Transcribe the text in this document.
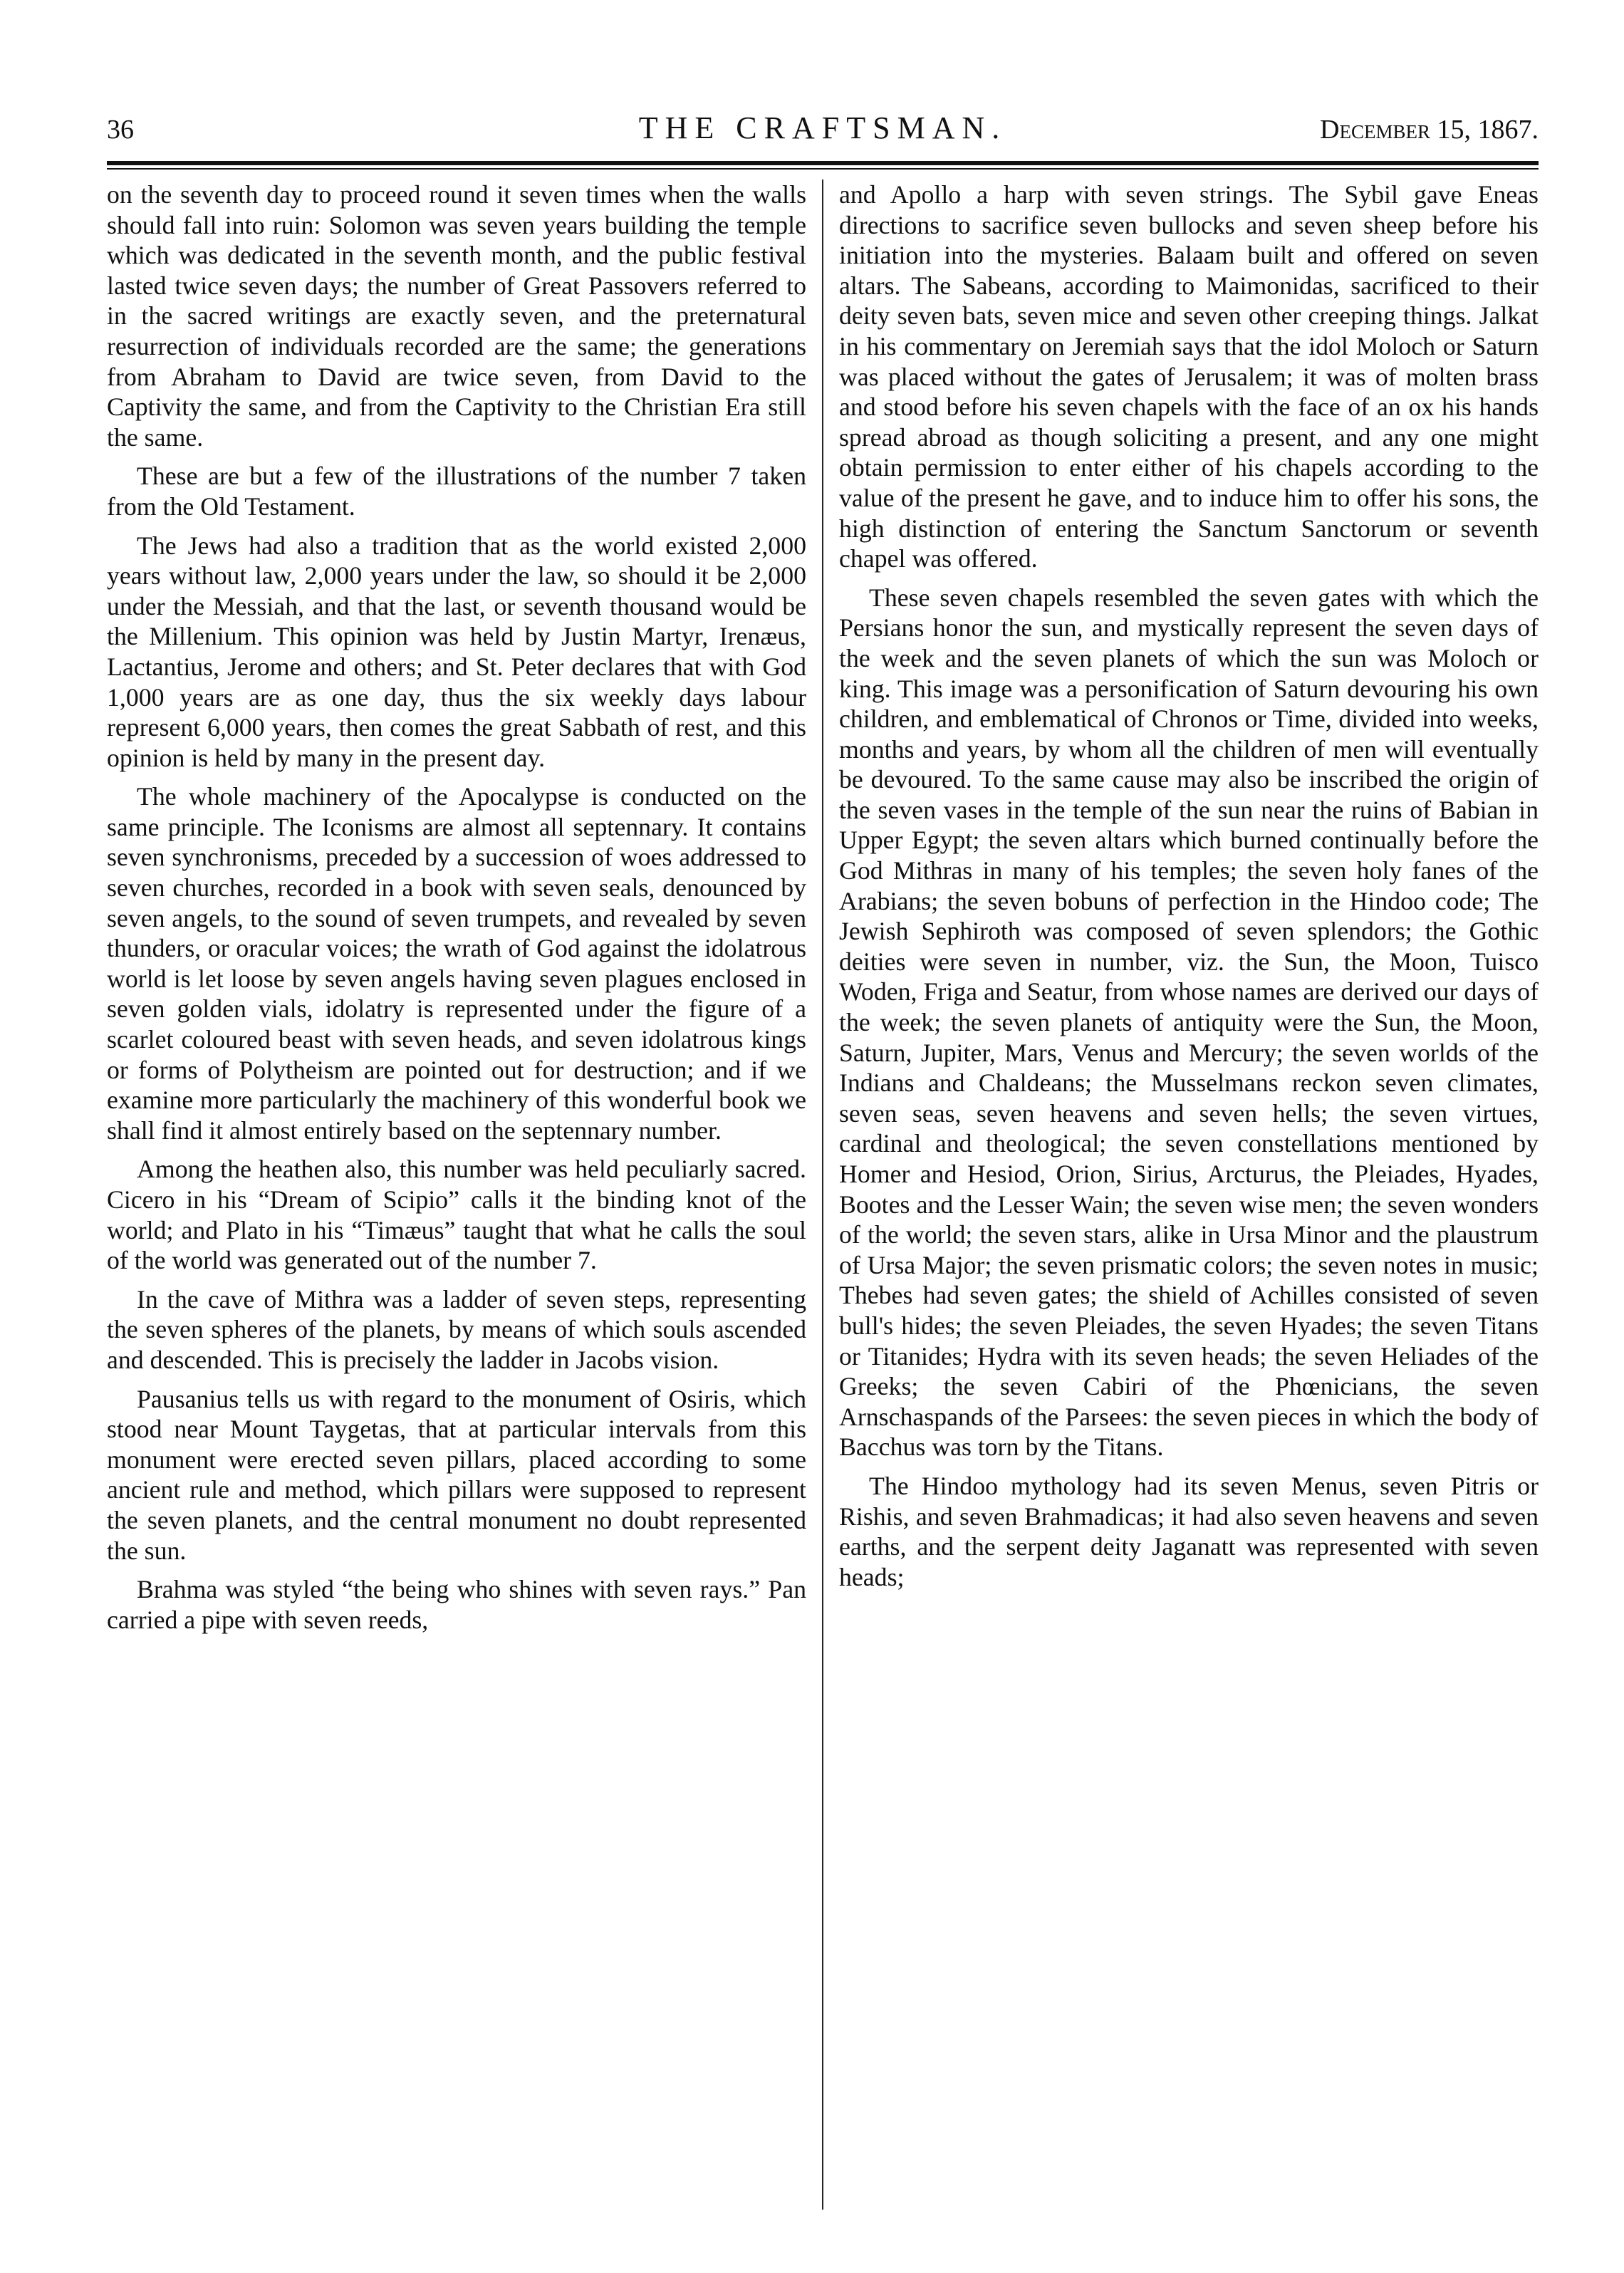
36	THE CRAFTSMAN.	December 15, 1867.

on the seventh day to proceed round it seven times when the walls should fall into ruin: Solomon was seven years building the temple which was dedicated in the seventh month, and the public festival lasted twice seven days; the number of Great Passovers referred to in the sacred writings are exactly seven, and the preternatural resurrection of individuals recorded are the same; the generations from Abraham to David are twice seven, from David to the Captivity the same, and from the Captivity to the Christian Era still the same.

These are but a few of the illustrations of the number 7 taken from the Old Testament.

The Jews had also a tradition that as the world existed 2,000 years without law, 2,000 years under the law, so should it be 2,000 under the Messiah, and that the last, or seventh thousand would be the Millenium. This opinion was held by Justin Martyr, Irenæus, Lactantius, Jerome and others; and St. Peter declares that with God 1,000 years are as one day, thus the six weekly days labour represent 6,000 years, then comes the great Sabbath of rest, and this opinion is held by many in the present day.

The whole machinery of the Apocalypse is conducted on the same principle. The Iconisms are almost all septennary. It contains seven synchronisms, preceded by a succession of woes addressed to seven churches, recorded in a book with seven seals, denounced by seven angels, to the sound of seven trumpets, and revealed by seven thunders, or oracular voices; the wrath of God against the idolatrous world is let loose by seven angels having seven plagues enclosed in seven golden vials, idolatry is represented under the figure of a scarlet coloured beast with seven heads, and seven idolatrous kings or forms of Polytheism are pointed out for destruction; and if we examine more particularly the machinery of this wonderful book we shall find it almost entirely based on the septennary number.

Among the heathen also, this number was held peculiarly sacred. Cicero in his “Dream of Scipio” calls it the binding knot of the world; and Plato in his “Timæus” taught that what he calls the soul of the world was generated out of the number 7.

In the cave of Mithra was a ladder of seven steps, representing the seven spheres of the planets, by means of which souls ascended and descended. This is precisely the ladder in Jacobs vision.

Pausanius tells us with regard to the monument of Osiris, which stood near Mount Taygetas, that at particular intervals from this monument were erected seven pillars, placed according to some ancient rule and method, which pillars were supposed to represent the seven planets, and the central monument no doubt represented the sun.

Brahma was styled “the being who shines with seven rays.” Pan carried a pipe with seven reeds,

and Apollo a harp with seven strings. The Sybil gave Eneas directions to sacrifice seven bullocks and seven sheep before his initiation into the mysteries. Balaam built and offered on seven altars. The Sabeans, according to Maimonidas, sacrificed to their deity seven bats, seven mice and seven other creeping things. Jalkat in his commentary on Jeremiah says that the idol Moloch or Saturn was placed without the gates of Jerusalem; it was of molten brass and stood before his seven chapels with the face of an ox his hands spread abroad as though soliciting a present, and any one might obtain permission to enter either of his chapels according to the value of the present he gave, and to induce him to offer his sons, the high distinction of entering the Sanctum Sanctorum or seventh chapel was offered.

These seven chapels resembled the seven gates with which the Persians honor the sun, and mystically represent the seven days of the week and the seven planets of which the sun was Moloch or king. This image was a personification of Saturn devouring his own children, and emblematical of Chronos or Time, divided into weeks, months and years, by whom all the children of men will eventually be devoured. To the same cause may also be inscribed the origin of the seven vases in the temple of the sun near the ruins of Babian in Upper Egypt; the seven altars which burned continually before the God Mithras in many of his temples; the seven holy fanes of the Arabians; the seven bobuns of perfection in the Hindoo code; The Jewish Sephiroth was composed of seven splendors; the Gothic deities were seven in number, viz. the Sun, the Moon, Tuisco Woden, Friga and Seatur, from whose names are derived our days of the week; the seven planets of antiquity were the Sun, the Moon, Saturn, Jupiter, Mars, Venus and Mercury; the seven worlds of the Indians and Chaldeans; the Musselmans reckon seven climates, seven seas, seven heavens and seven hells; the seven virtues, cardinal and theological; the seven constellations mentioned by Homer and Hesiod, Orion, Sirius, Arcturus, the Pleiades, Hyades, Bootes and the Lesser Wain; the seven wise men; the seven wonders of the world; the seven stars, alike in Ursa Minor and the plaustrum of Ursa Major; the seven prismatic colors; the seven notes in music; Thebes had seven gates; the shield of Achilles consisted of seven bull's hides; the seven Pleiades, the seven Hyades; the seven Titans or Titanides; Hydra with its seven heads; the seven Heliades of the Greeks; the seven Cabiri of the Phœnicians, the seven Arnschaspands of the Parsees: the seven pieces in which the body of Bacchus was torn by the Titans.

The Hindoo mythology had its seven Menus, seven Pitris or Rishis, and seven Brahmadicas; it had also seven heavens and seven earths, and the serpent deity Jaganatt was represented with seven heads;
